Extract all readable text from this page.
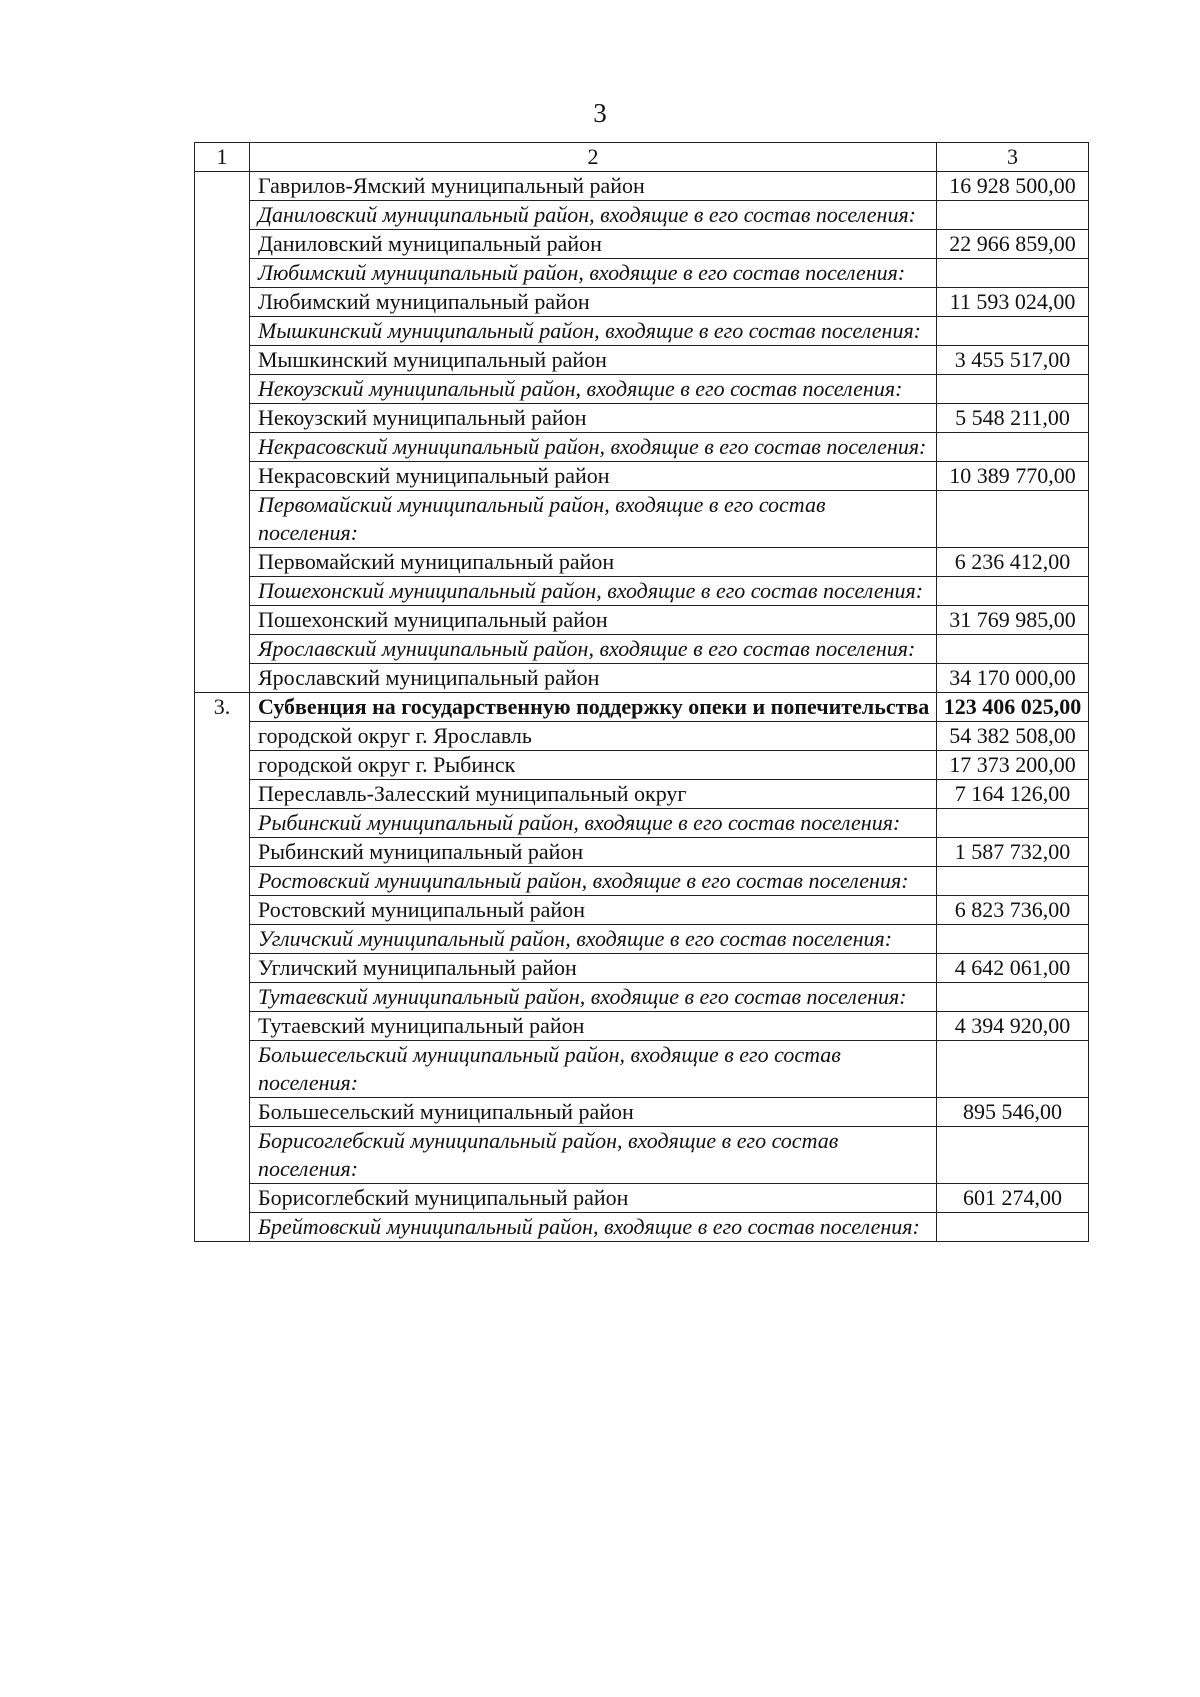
3
1	2	3
	Гаврилов-Ямский муниципальный район	16 928 500,00
	Даниловский муниципальный район, входящие в его состав поселения:	
	Даниловский муниципальный район	22 966 859,00
	Любимский муниципальный район, входящие в его состав поселения:	
	Любимский муниципальный район	11 593 024,00
	Мышкинский муниципальный район, входящие в его состав поселения:	
	Мышкинский муниципальный район	3 455 517,00
	Некоузский муниципальный район, входящие в его состав поселения:	
	Некоузский муниципальный район	5 548 211,00
	Некрасовский муниципальный район, входящие в его состав поселения:	
	Некрасовский муниципальный район	10 389 770,00
	Первомайский муниципальный район, входящие в его состав поселения:	
	Первомайский муниципальный район	6 236 412,00
	Пошехонский муниципальный район, входящие в его состав поселения:	
	Пошехонский муниципальный район	31 769 985,00
	Ярославский муниципальный район, входящие в его состав поселения:	
	Ярославский муниципальный район	34 170 000,00
3.	Субвенция на государственную поддержку опеки и попечительства	123 406 025,00
	городской округ г. Ярославль	54 382 508,00
	городской округ г. Рыбинск	17 373 200,00
	Переславль-Залесский муниципальный округ	7 164 126,00
	Рыбинский муниципальный район, входящие в его состав поселения:	
	Рыбинский муниципальный район	1 587 732,00
	Ростовский муниципальный район, входящие в его состав поселения:	
	Ростовский муниципальный район	6 823 736,00
	Угличский муниципальный район, входящие в его состав поселения:	
	Угличский муниципальный район	4 642 061,00
	Тутаевский муниципальный район, входящие в его состав поселения:	
	Тутаевский муниципальный район	4 394 920,00
	Большесельский муниципальный район, входящие в его состав поселения:	
	Большесельский муниципальный район	895 546,00
	Борисоглебский муниципальный район, входящие в его состав поселения:	
	Борисоглебский муниципальный район	601 274,00
	Брейтовский муниципальный район, входящие в его состав поселения:	
